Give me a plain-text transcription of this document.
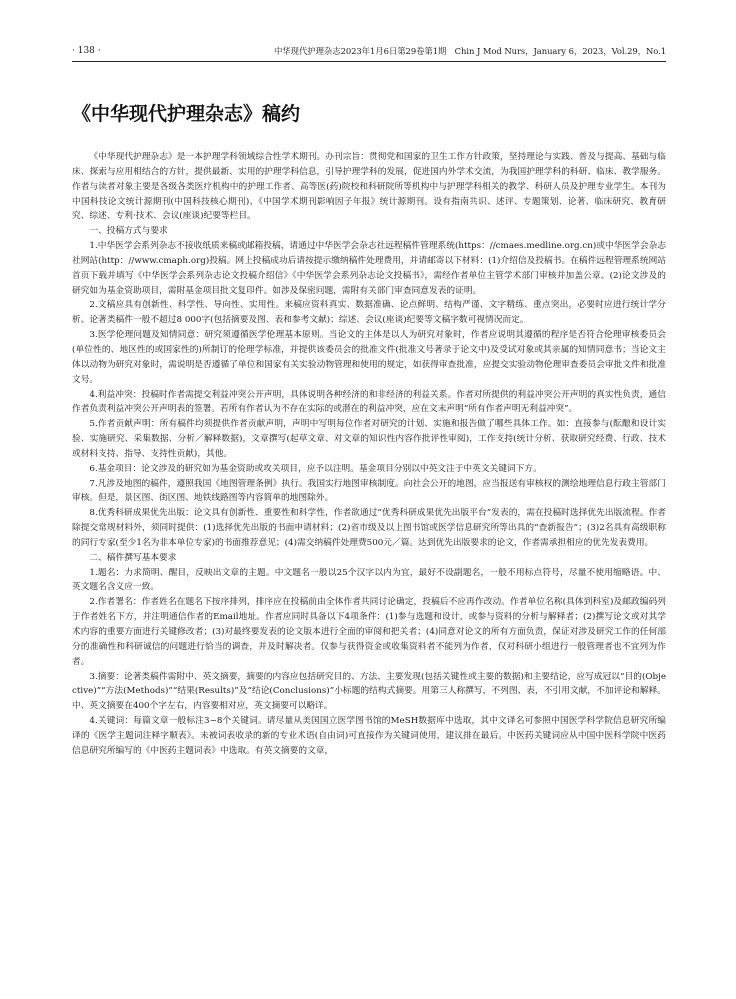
· 138 ·	中华现代护理杂志2023年1月6日第29卷第1期　Chin J Mod Nurs，January 6，2023，Vol.29，No.1
《中华现代护理杂志》稿约

《中华现代护理杂志》是一本护理学科领域综合性学术期刊。办刊宗旨：贯彻党和国家的卫生工作方针政策，坚持理论与实践、普及与提高、基础与临床、探索与应用相结合的方针，提供最新、实用的护理学科信息，引导护理学科的发展，促进国内外学术交流，为我国护理学科的科研、临床、教学服务。作者与读者对象主要是各级各类医疗机构中的护理工作者、高等医(药)院校和科研院所等机构中与护理学科相关的教学、科研人员及护理专业学生。本刊为中国科技论文统计源期刊(中国科技核心期刊)、《中国学术期刊影响因子年报》统计源期刊。设有指南共识、述评、专题策划、论著、临床研究、教育研究、综述、专利·技术、会议(座谈)纪要等栏目。

一、投稿方式与要求

1.中华医学会系列杂志不接收纸质来稿或邮箱投稿，请通过中华医学会杂志社远程稿件管理系统(https：//cmaes.medline.org.cn)或中华医学会杂志社网站(http：//www.cmaph.org)投稿。网上投稿成功后请按提示缴纳稿件处理费用，并请邮寄以下材料：(1)介绍信及投稿书。在稿件远程管理系统网站首页下载并填写《中华医学会系列杂志论文投稿介绍信》《中华医学会系列杂志论文投稿书》，需经作者单位主管学术部门审核并加盖公章。(2)论文涉及的研究如为基金资助项目，需附基金项目批文复印件。如涉及保密问题，需附有关部门审查同意发表的证明。

2.文稿应具有创新性、科学性、导向性、实用性。来稿应资料真实、数据准确、论点鲜明、结构严谨、文字精练、重点突出，必要时应进行统计学分析。论著类稿件一般不超过8 000字(包括摘要及图、表和参考文献)；综述、会议(座谈)纪要等文稿字数可视情况而定。

3.医学伦理问题及知情同意：研究须遵循医学伦理基本原则。当论文的主体是以人为研究对象时，作者应说明其遵循的程序是否符合伦理审核委员会(单位性的、地区性的或国家性的)所制订的伦理学标准，并提供该委员会的批准文件(批准文号著录于论文中)及受试对象或其亲属的知情同意书；当论文主体以动物为研究对象时，需说明是否遵循了单位和国家有关实验动物管理和使用的规定，如获得审查批准，应提交实验动物伦理审查委员会审批文件和批准文号。

4.利益冲突：投稿时作者需提交利益冲突公开声明，具体说明各种经济的和非经济的利益关系。作者对所提供的利益冲突公开声明的真实性负责，通信作者负责利益冲突公开声明表的签署。若所有作者认为不存在实际的或潜在的利益冲突，应在文末声明“所有作者声明无利益冲突”。

5.作者贡献声明：所有稿件均须提供作者贡献声明，声明中写明每位作者对研究的计划、实施和报告做了哪些具体工作。如：直接参与(酝酿和设计实验、实施研究、采集数据、分析／解释数据)，文章撰写(起草文章、对文章的知识性内容作批评性审阅)，工作支持(统计分析、获取研究经费、行政、技术或材料支持、指导、支持性贡献)，其他。

6.基金项目：论文涉及的研究如为基金资助或攻关项目，应予以注明。基金项目分别以中英文注于中英文关键词下方。

7.凡涉及地图的稿件，遵照我国《地图管理条例》执行。我国实行地图审核制度。向社会公开的地图，应当报送有审核权的测绘地理信息行政主管部门审核。但是，景区图、街区图、地铁线路图等内容简单的地图除外。

8.优秀科研成果优先出版：论文具有创新性、重要性和科学性，作者欲通过“优秀科研成果优先出版平台”发表的，需在投稿时选择优先出版流程。作者除提交常规材料外，须同时提供：(1)选择优先出版的书面申请材料；(2)省市级及以上图书馆或医学信息研究所等出具的“查新报告”；(3)2名具有高级职称的同行专家(至少1名为非本单位专家)的书面推荐意见；(4)需交纳稿件处理费500元／篇。达到优先出版要求的论文，作者需承担相应的优先发表费用。

二、稿件撰写基本要求

1.题名：力求简明、醒目，反映出文章的主题。中文题名一般以25个汉字以内为宜，最好不设副题名，一般不用标点符号，尽量不使用缩略语。中、英文题名含义应一致。

2.作者署名：作者姓名在题名下按序排列，排序应在投稿前由全体作者共同讨论确定，投稿后不应再作改动。作者单位名称(具体到科室)及邮政编码列于作者姓名下方，并注明通信作者的Email地址。作者应同时具备以下4项条件：(1)参与选题和设计，或参与资料的分析与解释者；(2)撰写论文或对其学术内容的重要方面进行关键修改者；(3)对最终要发表的论文版本进行全面的审阅和把关者；(4)同意对论文的所有方面负责，保证对涉及研究工作的任何部分的准确性和科研诚信的问题进行恰当的调查，并及时解决者。仅参与获得资金或收集资料者不能列为作者，仅对科研小组进行一般管理者也不宜列为作者。

3.摘要：论著类稿件需附中、英文摘要，摘要的内容应包括研究目的、方法、主要发现(包括关键性或主要的数据)和主要结论，应写成冠以“目的(Objective)”“方法(Methods)”“结果(Results)”及“结论(Conclusions)”小标题的结构式摘要。用第三人称撰写，不列图、表，不引用文献，不加评论和解释。中、英文摘要在400个字左右，内容要相对应，英文摘要可以略详。

4.关键词：每篇文章一般标注3~8个关键词。请尽量从美国国立医学图书馆的MeSH数据库中选取，其中文译名可参照中国医学科学院信息研究所编译的《医学主题词注释字顺表》。未被词表收录的新的专业术语(自由词)可直接作为关键词使用，建议排在最后。中医药关键词应从中国中医科学院中医药信息研究所编写的《中医药主题词表》中选取。有英文摘要的文章，
